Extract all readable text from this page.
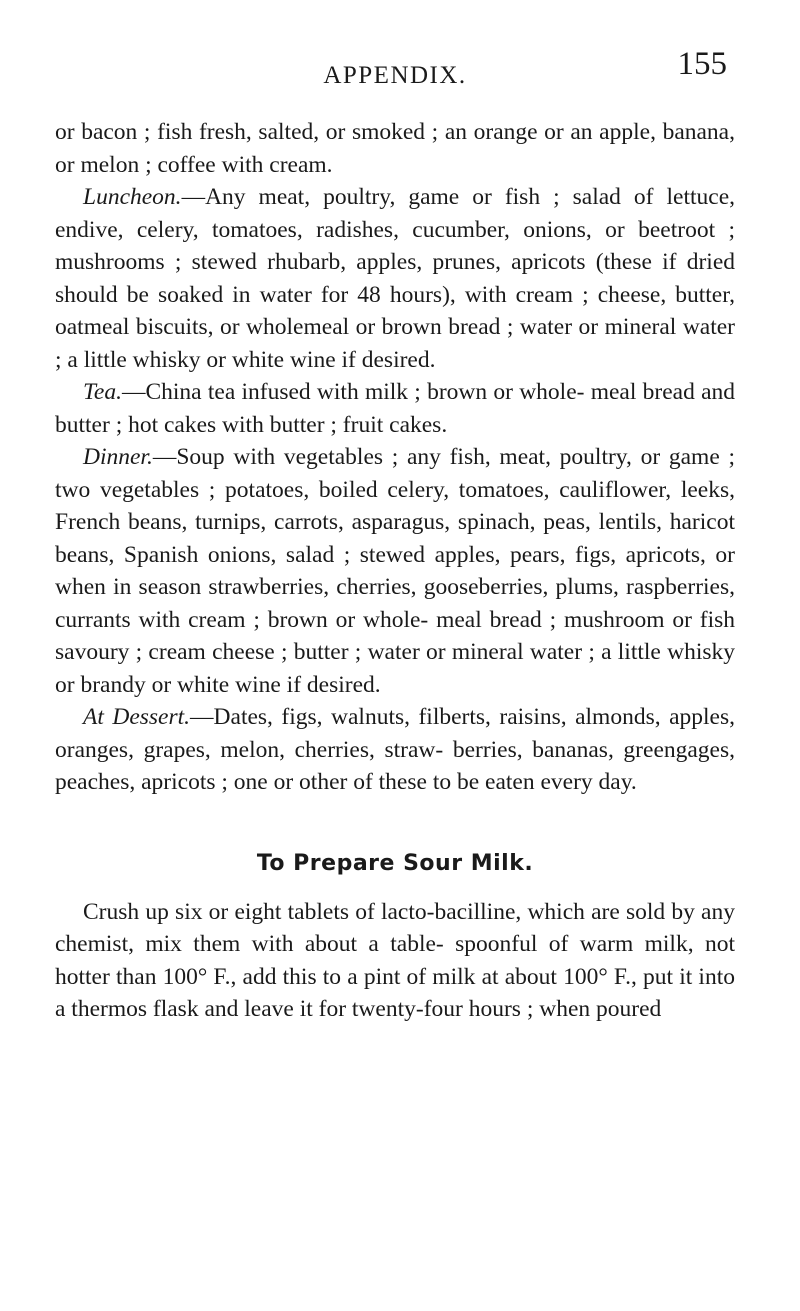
APPENDIX.	155

or bacon ; fish fresh, salted, or smoked ; an orange or an apple, banana, or melon ; coffee with cream.

Luncheon.—Any meat, poultry, game or fish ; salad of lettuce, endive, celery, tomatoes, radishes, cucumber, onions, or beetroot ; mushrooms ; stewed rhubarb, apples, prunes, apricots (these if dried should be soaked in water for 48 hours), with cream ; cheese, butter, oatmeal biscuits, or wholemeal or brown bread ; water or mineral water ; a little whisky or white wine if desired.

Tea.—China tea infused with milk ; brown or whole- meal bread and butter ; hot cakes with butter ; fruit cakes.

Dinner.—Soup with vegetables ; any fish, meat, poultry, or game ; two vegetables ; potatoes, boiled celery, tomatoes, cauliflower, leeks, French beans, turnips, carrots, asparagus, spinach, peas, lentils, haricot beans, Spanish onions, salad ; stewed apples, pears, figs, apricots, or when in season strawberries, cherries, gooseberries, plums, raspberries, currants with cream ; brown or whole- meal bread ; mushroom or fish savoury ; cream cheese ; butter ; water or mineral water ; a little whisky or brandy or white wine if desired.

At Dessert.—Dates, figs, walnuts, filberts, raisins, almonds, apples, oranges, grapes, melon, cherries, straw- berries, bananas, greengages, peaches, apricots ; one or other of these to be eaten every day.

To Prepare Sour Milk.

Crush up six or eight tablets of lacto-bacilline, which are sold by any chemist, mix them with about a table- spoonful of warm milk, not hotter than 100° F., add this to a pint of milk at about 100° F., put it into a thermos flask and leave it for twenty-four hours ; when poured
